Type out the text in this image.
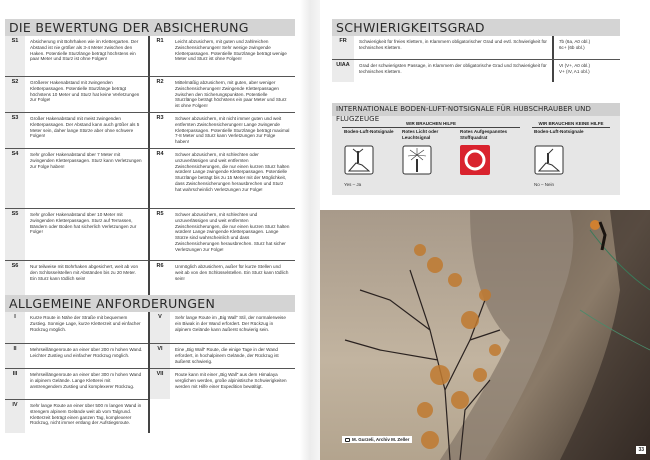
DIE BEWERTUNG DER ABSICHERUNG
S1	Absicherung mit Bohrhaken wie im Klettergarten. Der Abstand ist nie größer als 3-4 Meter zwischen den Haken. Potentielle Sturzlänge beträgt höchstens ein paar Meter und Sturz ist ohne Folgen!
R1	Leicht abzusichern, mit guten und zahlreichen Zwischensicherungen! Sehr wenige zwingende Kletterpassagen. Potentielle Sturzlänge beträgt wenige Meter und Sturz ist ohne Folgen!
S2	Größerer Hakenabstand mit zwingenden Kletterpassagen. Potentielle Sturzlänge beträgt höchstens 10 Meter und Sturz hat keine Verletzungen zur Folge!
R2	Mittelmäßig abzusichern, mit guten, aber weniger Zwischensicherungen! Zwingende Kletterpassagen zwischen den Sicherungspunkten. Potentielle Sturzlänge beträgt höchstens ein paar Meter und Sturz ist ohne Folgen!
S3	Großer Hakenabstand mit meist zwingenden Kletterpassagen. Der Abstand kann auch größer als 5 Meter sein, daher lange Stürze aber ohne schwere Folgen!
R3	Schwer abzusichern, mit nicht immer guten und weit entfernten Zwischensicherungen! Lange zwingende Kletterpassagen. Potentielle Sturzlänge beträgt maximal 7-8 Meter und Sturz kann Verletzungen zur Folge haben!
S4	Sehr großer Hakenabstand über 7 Meter mit zwingenden Kletterpassagen. Sturz kann Verletzungen zur Folge haben!
R4	Schwer abzusichern, mit schlechten oder unzuverlässigen und weit entfernten Zwischensicherungen, die nur einen kurzen Sturz halten würden! Lange zwingende Kletterpassagen. Potentielle Sturzlänge beträgt bis zu 15 Meter mit der Möglichkeit, dass Zwischensicherungen herausbrechen und Sturz hat wahrscheinlich Verletzungen zur Folge!
S5	Sehr großer Hakenabstand über 10 Meter mit zwingenden Kletterpassagen. Sturz auf Terrassen, Bändern oder Boden hat sicherlich Verletzungen zur Folge!
R5	Schwer abzusichern, mit schlechten und unzuverlässigen und weit entfernten Zwischensicherungen, die nur einen kurzen Sturz halten würden! Lange zwingende Kletterpassagen. Lange Stürze sind wahrscheinlich und dass Zwischensicherungen herausbrechen. Sturz hat sicher Verletzungen zur Folge!
S6	Nur teilweise mit Bohrhaken abgesichert, weit ab von den Schlüsselstellen mit Abständen bis zu 20 Meter. Ein Sturz kann tödlich sein!
R6	Unmöglich abzusichern, außer für kurze Stellen und weit ab von den Schlüsselstellen. Ein Sturz kann tödlich sein!
ALLGEMEINE ANFORDERUNGEN
I	Kurze Route in Nähe der Straße mit bequemem Zustieg. Sonnige Lage, kurze Kletterzeit und einfacher Rückzug möglich.
II	Mehrseillängenroute an einer über 200 m hohen Wand. Leichter Zustieg und einfacher Rückzug möglich.
III	Mehrseillängenroute an einer über 300 m hohen Wand in alpinem Gelände. Lange Kletterei mit anstrengendem Zustieg und komplexerer Rückzug.
IV	Sehr lange Route an einer über 500 m langen Wand in strengem alpinem Gelände weit ab vom Talgrund. Kletterzeit beträgt einen ganzen Tag, komplexerer Rückzug, nicht immer entlang der Aufstiegsroute.
V	Sehr lange Route im „Big Wall“ Stil, der normalerweise ein Biwak in der Wand erfordert. Der Rückzug in alpinem Gelände kann äußerst schwierig sein.
VI	Eine „Big Wall“ Route, die einige Tage in der Wand erfordert, in hochalpinem Gelände, der Rückzug ist äußerst schwierig.
VII	Route kann mit einer „Big Wall“ aus dem Himalaya verglichen werden, große alpinistische Schwierigkeiten werden mit Hilfe einer Expedition bewältigt.
SCHWIERIGKEITSGRAD
FR	Schwierigkeit für freies Klettern, in Klammern obligatorischer Grad und evtl. Schwierigkeit für technisches Klettern.
7b (6a, A0 obl.)
6c+ (6b obl.)
UIAA	Grad der schwierigsten Passage, in Klammern der obligatorische Grad und Schwierigkeit für technisches Klettern.
VI (V+, A0 obl.)
V+ (IV, A1 obl.)
INTERNATIONALE BODEN-LUFT-NOTSIGNALE FÜR HUBSCHRAUBER UND FLUGZEUGE
WIR BRAUCHEN HILFE	WIR BRAUCHEN KEINE HILFE
Boden-Luft-Notsignale
Yes – Ja
Rotes Licht oder Leuchtsignal
Rotes Aufgespanntes Stoffquadrat
Boden-Luft-Notsignale
No – Nein
M. Gurzeli, Archiv M. Zeller
33
